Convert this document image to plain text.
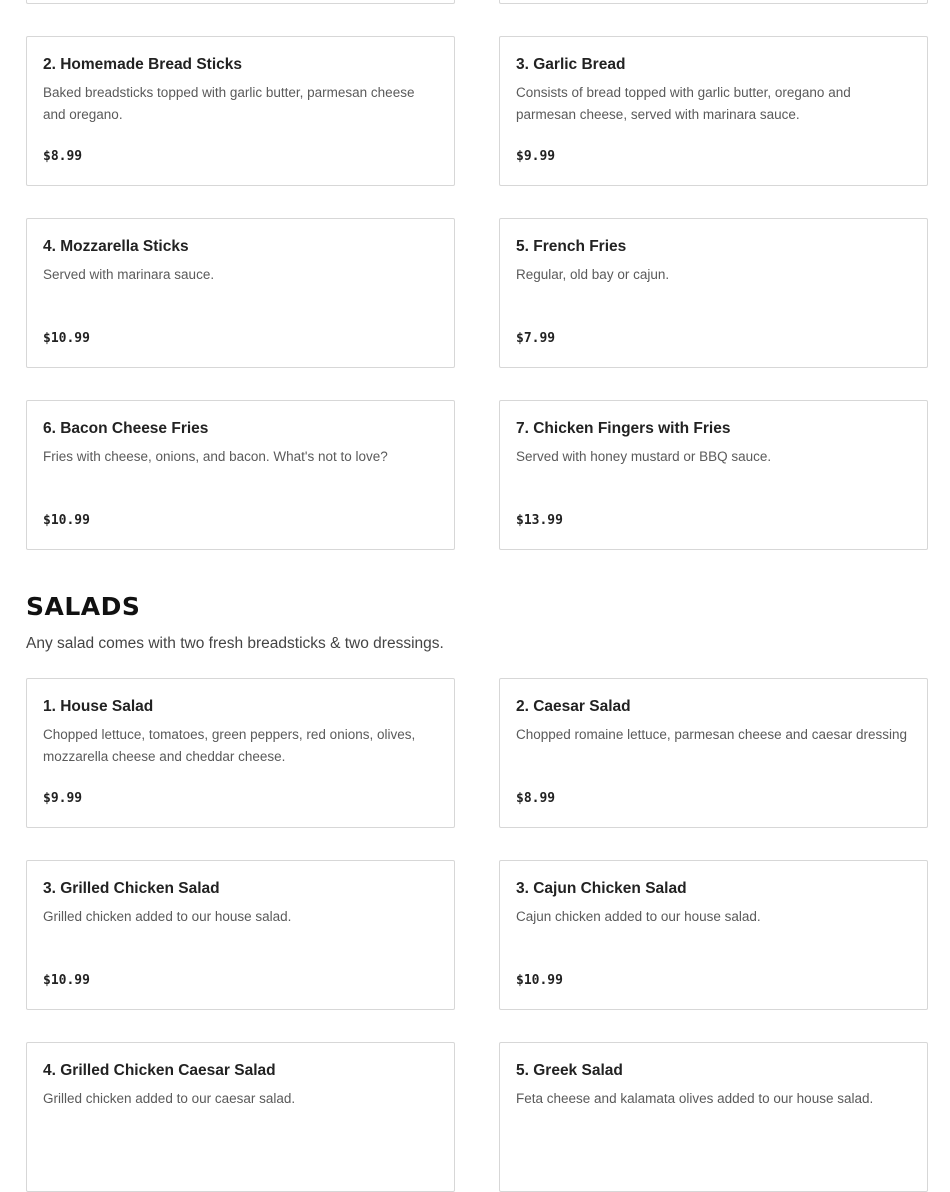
2. Homemade Bread Sticks
Baked breadsticks topped with garlic butter, parmesan cheese and oregano.
$8.99
3. Garlic Bread
Consists of bread topped with garlic butter, oregano and parmesan cheese, served with marinara sauce.
$9.99
4. Mozzarella Sticks
Served with marinara sauce.
$10.99
5. French Fries
Regular, old bay or cajun.
$7.99
6. Bacon Cheese Fries
Fries with cheese, onions, and bacon. What's not to love?
$10.99
7. Chicken Fingers with Fries
Served with honey mustard or BBQ sauce.
$13.99
SALADS
Any salad comes with two fresh breadsticks & two dressings.
1. House Salad
Chopped lettuce, tomatoes, green peppers, red onions, olives, mozzarella cheese and cheddar cheese.
$9.99
2. Caesar Salad
Chopped romaine lettuce, parmesan cheese and caesar dressing
$8.99
3. Grilled Chicken Salad
Grilled chicken added to our house salad.
$10.99
3. Cajun Chicken Salad
Cajun chicken added to our house salad.
$10.99
4. Grilled Chicken Caesar Salad
Grilled chicken added to our caesar salad.
5. Greek Salad
Feta cheese and kalamata olives added to our house salad.
